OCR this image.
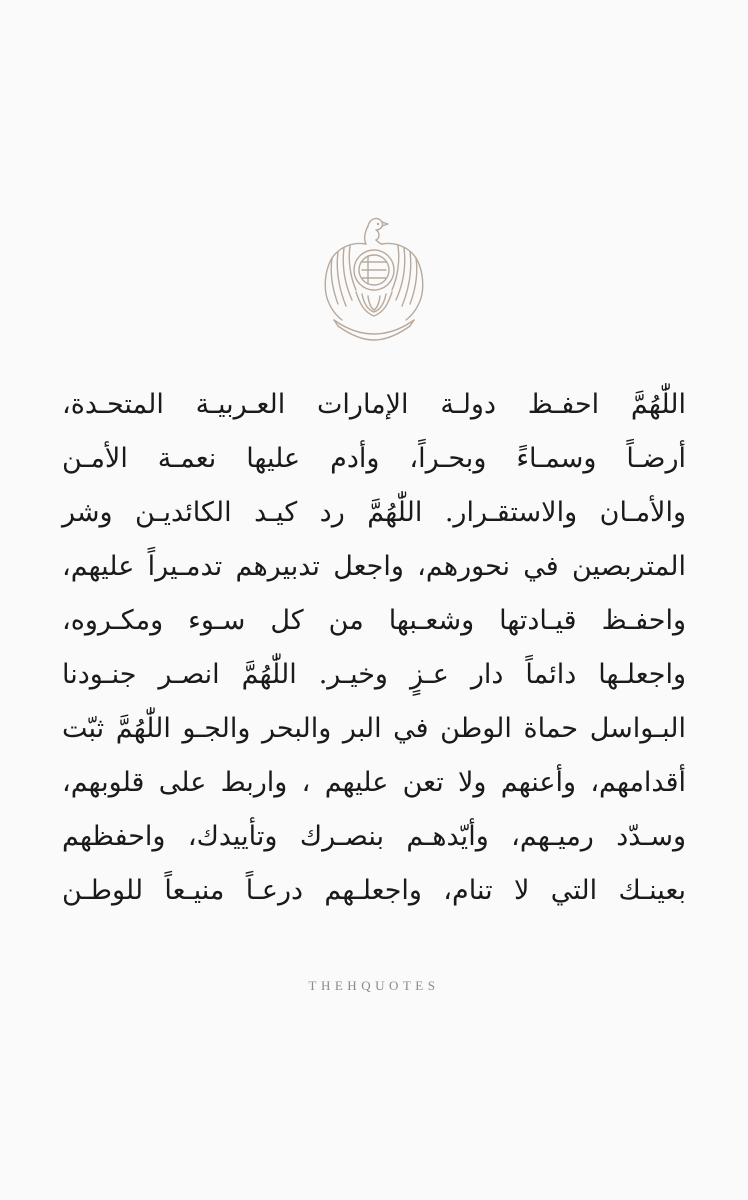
اللّٰهُمَّ احفـظ دولـة الإمارات العـربيـة المتحـدة،
أرضـاً وسمـاءً وبحـراً، وأدم عليها نعمـة الأمـن
والأمـان والاستقـرار. اللّٰهُمَّ رد كيـد الكائديـن وشر
المتربصين في نحورهم، واجعل تدبيرهم تدمـيراً عليهم،
واحفـظ قيـادتها وشعـبها من كل سـوء ومكـروه،
واجعلـها دائماً دار عـزٍ وخيـر. اللّٰهُمَّ انصـر جنـودنا
البـواسل حماة الوطن في البر والبحر والجـو اللّٰهُمَّ ثبّت
أقدامهم، وأعنهم ولا تعن عليهم ، واربط على قلوبهم،
وسـدّد رميـهم، وأيّدهـم بنصـرك وتأييدك، واحفظهم
بعينـك التي لا تنام، واجعلـهم درعـاً منيـعاً للوطـن
THEHQUOTES
